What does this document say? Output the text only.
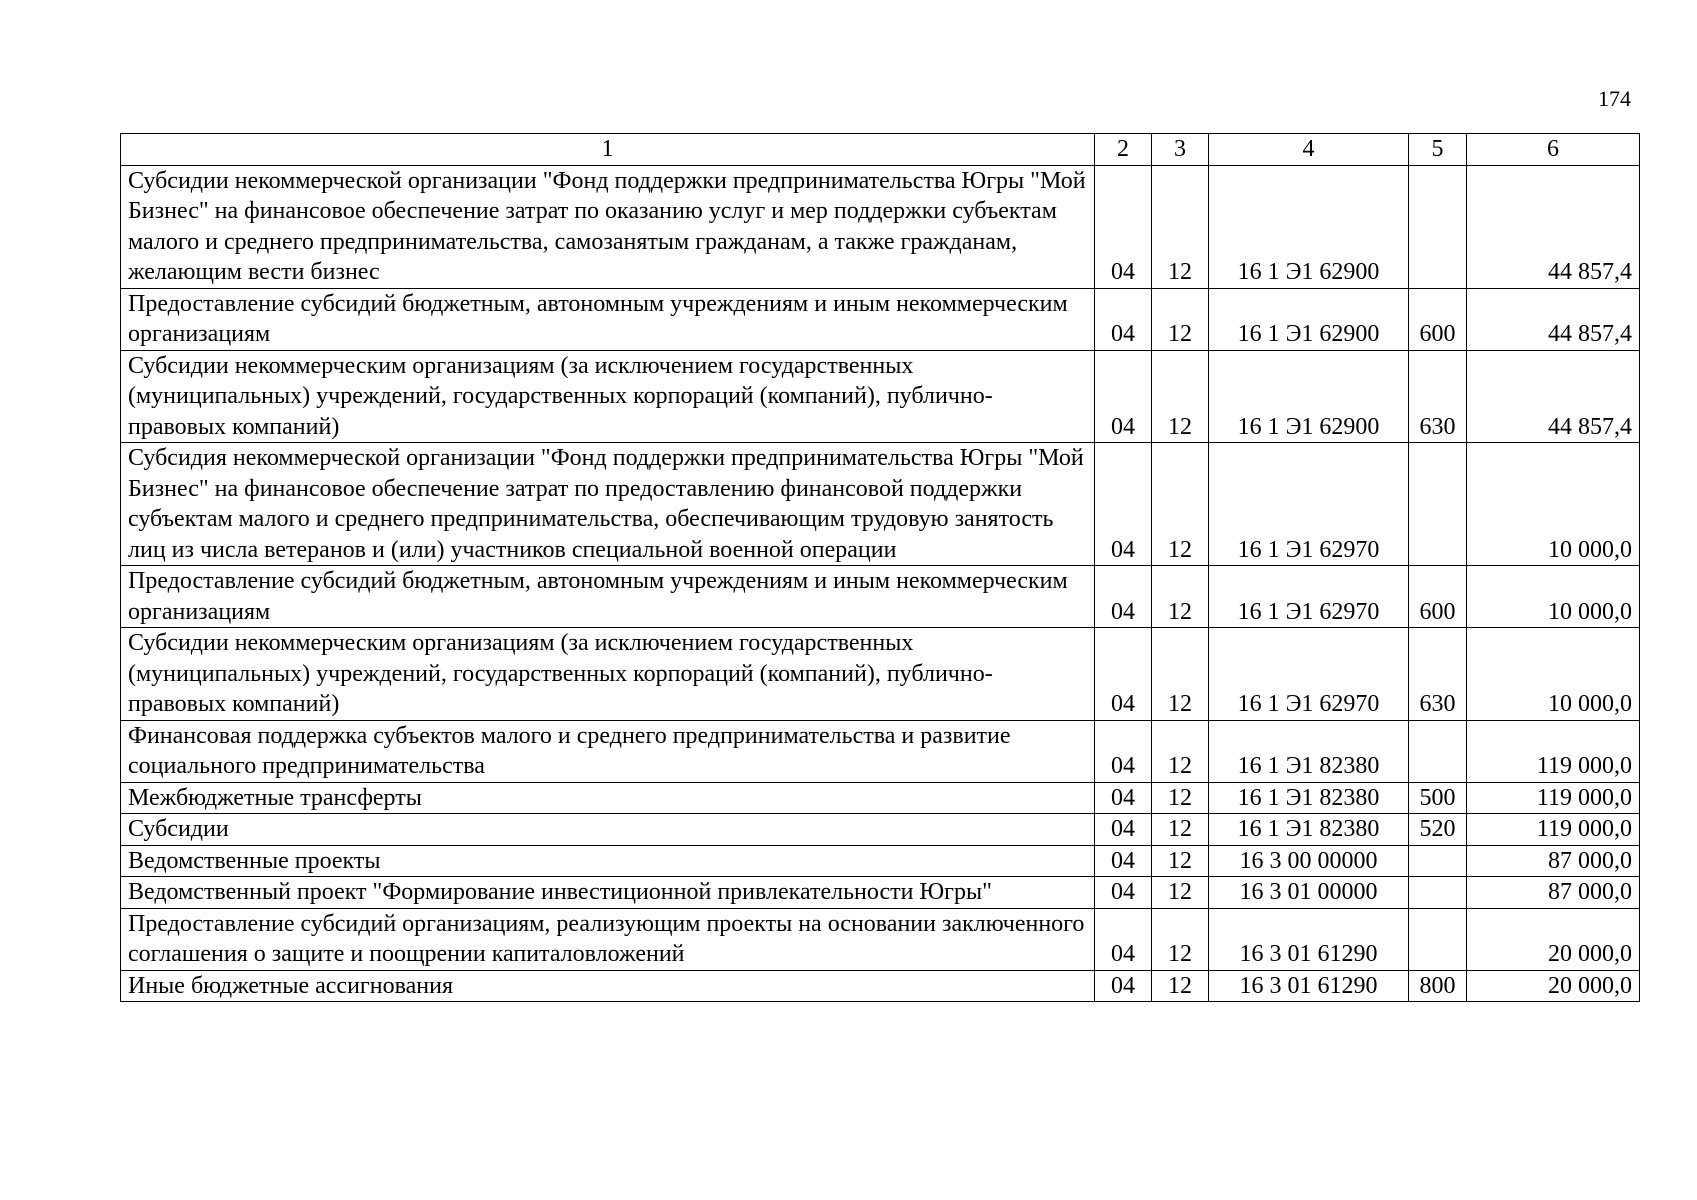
174
1	2	3	4	5	6
Субсидии некоммерческой организации "Фонд поддержки предпринимательства Югры "Мой Бизнес" на финансовое обеспечение затрат по оказанию услуг и мер поддержки субъектам малого и среднего предпринимательства, самозанятым гражданам, а также гражданам, желающим вести бизнес	04	12	16 1 Э1 62900		44 857,4
Предоставление субсидий бюджетным, автономным учреждениям и иным некоммерческим организациям	04	12	16 1 Э1 62900	600	44 857,4
Субсидии некоммерческим организациям (за исключением государственных (муниципальных) учреждений, государственных корпораций (компаний), публично-правовых компаний)	04	12	16 1 Э1 62900	630	44 857,4
Субсидия некоммерческой организации "Фонд поддержки предпринимательства Югры "Мой Бизнес" на финансовое обеспечение затрат по предоставлению финансовой поддержки субъектам малого и среднего предпринимательства, обеспечивающим трудовую занятость лиц из числа ветеранов и (или) участников специальной военной операции	04	12	16 1 Э1 62970		10 000,0
Предоставление субсидий бюджетным, автономным учреждениям и иным некоммерческим организациям	04	12	16 1 Э1 62970	600	10 000,0
Субсидии некоммерческим организациям (за исключением государственных (муниципальных) учреждений, государственных корпораций (компаний), публично-правовых компаний)	04	12	16 1 Э1 62970	630	10 000,0
Финансовая поддержка субъектов малого и среднего предпринимательства и развитие социального предпринимательства	04	12	16 1 Э1 82380		119 000,0
Межбюджетные трансферты	04	12	16 1 Э1 82380	500	119 000,0
Субсидии	04	12	16 1 Э1 82380	520	119 000,0
Ведомственные проекты	04	12	16 3 00 00000		87 000,0
Ведомственный проект "Формирование инвестиционной привлекательности Югры"	04	12	16 3 01 00000		87 000,0
Предоставление субсидий организациям, реализующим проекты на основании заключенного соглашения о защите и поощрении капиталовложений	04	12	16 3 01 61290		20 000,0
Иные бюджетные ассигнования	04	12	16 3 01 61290	800	20 000,0
